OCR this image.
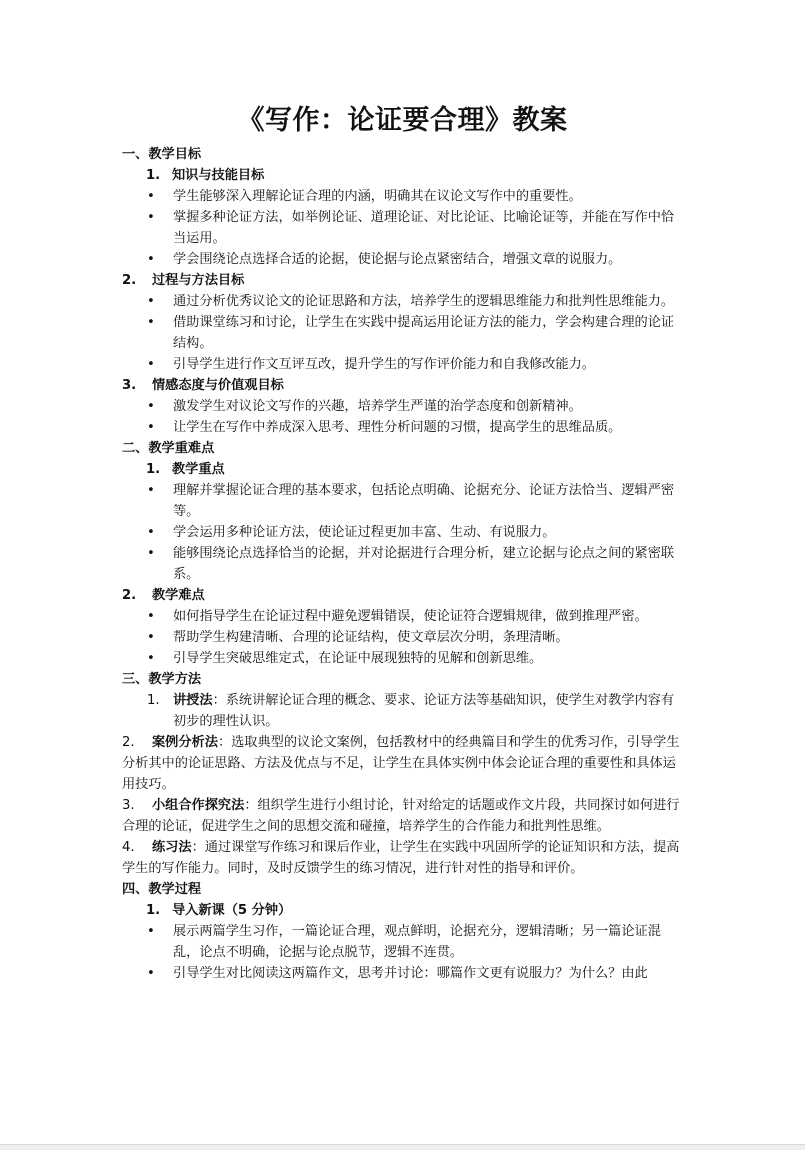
《写作：论证要合理》教案
一、教学目标
1. 知识与技能目标
• 学生能够深入理解论证合理的内涵，明确其在议论文写作中的重要性。
• 掌握多种论证方法，如举例论证、道理论证、对比论证、比喻论证等，并能在写作中恰当运用。
• 学会围绕论点选择合适的论据，使论据与论点紧密结合，增强文章的说服力。
2. 过程与方法目标
• 通过分析优秀议论文的论证思路和方法，培养学生的逻辑思维能力和批判性思维能力。
• 借助课堂练习和讨论，让学生在实践中提高运用论证方法的能力，学会构建合理的论证结构。
• 引导学生进行作文互评互改，提升学生的写作评价能力和自我修改能力。
3. 情感态度与价值观目标
• 激发学生对议论文写作的兴趣，培养学生严谨的治学态度和创新精神。
• 让学生在写作中养成深入思考、理性分析问题的习惯，提高学生的思维品质。
二、教学重难点
1. 教学重点
• 理解并掌握论证合理的基本要求，包括论点明确、论据充分、论证方法恰当、逻辑严密等。
• 学会运用多种论证方法，使论证过程更加丰富、生动、有说服力。
• 能够围绕论点选择恰当的论据，并对论据进行合理分析，建立论据与论点之间的紧密联系。
2. 教学难点
• 如何指导学生在论证过程中避免逻辑错误，使论证符合逻辑规律，做到推理严密。
• 帮助学生构建清晰、合理的论证结构，使文章层次分明，条理清晰。
• 引导学生突破思维定式，在论证中展现独特的见解和创新思维。
三、教学方法
1. 讲授法：系统讲解论证合理的概念、要求、论证方法等基础知识，使学生对教学内容有初步的理性认识。
2. 案例分析法：选取典型的议论文案例，包括教材中的经典篇目和学生的优秀习作，引导学生分析其中的论证思路、方法及优点与不足，让学生在具体实例中体会论证合理的重要性和具体运用技巧。
3. 小组合作探究法：组织学生进行小组讨论，针对给定的话题或作文片段，共同探讨如何进行合理的论证，促进学生之间的思想交流和碰撞，培养学生的合作能力和批判性思维。
4. 练习法：通过课堂写作练习和课后作业，让学生在实践中巩固所学的论证知识和方法，提高学生的写作能力。同时，及时反馈学生的练习情况，进行针对性的指导和评价。
四、教学过程
1. 导入新课（5 分钟）
• 展示两篇学生习作，一篇论证合理，观点鲜明，论据充分，逻辑清晰；另一篇论证混乱，论点不明确，论据与论点脱节，逻辑不连贯。
• 引导学生对比阅读这两篇作文，思考并讨论：哪篇作文更有说服力？为什么？由此
